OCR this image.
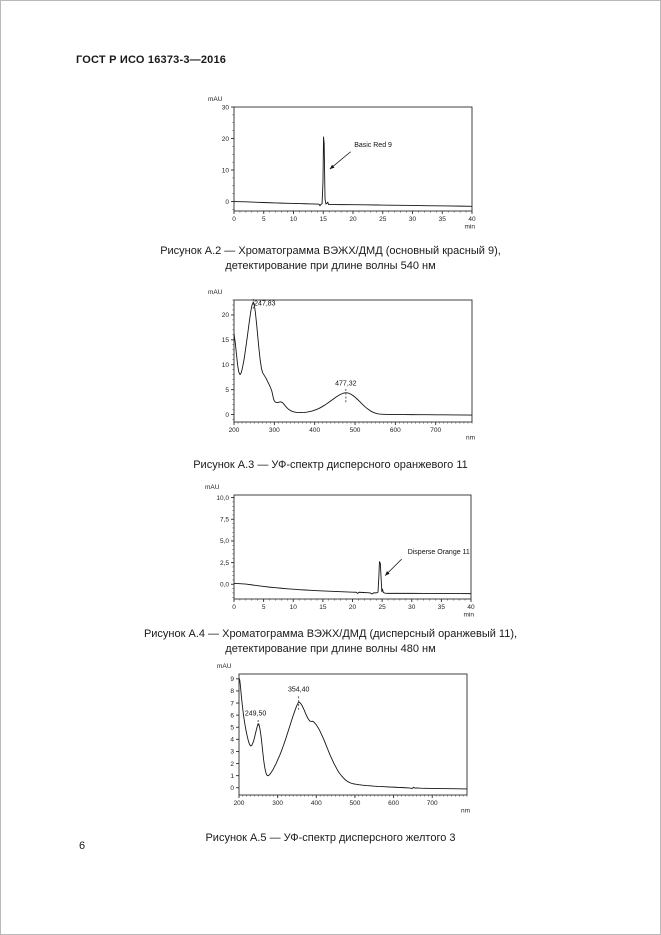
ГОСТ Р ИСО 16373-3—2016
0	5	10	15	20	25	30	35	40
0
10
20
30
mAU
min
Basic Red 9
Рисунок А.2 — Хроматограмма ВЭЖХ/ДМД (основный красный 9),
детектирование при длине волны 540 нм
200	300	400	500	600	700
0
5
10
15
20
mAU
nm
247,83
477,32
Рисунок А.3 — УФ-спектр дисперсного оранжевого 11
0	5	10	15	20	25	30	35	40
0,0
2,5
5,0
7,5
10,0
mAU
min
Disperse Orange 11
Рисунок А.4 — Хроматограмма ВЭЖХ/ДМД (дисперсный оранжевый 11),
детектирование при длине волны 480 нм
200	300	400	500	600	700
0
1
2
3
4
5
6
7
8
9
mAU
nm
249,50
354,40
Рисунок А.5 — УФ-спектр дисперсного желтого 3
6
